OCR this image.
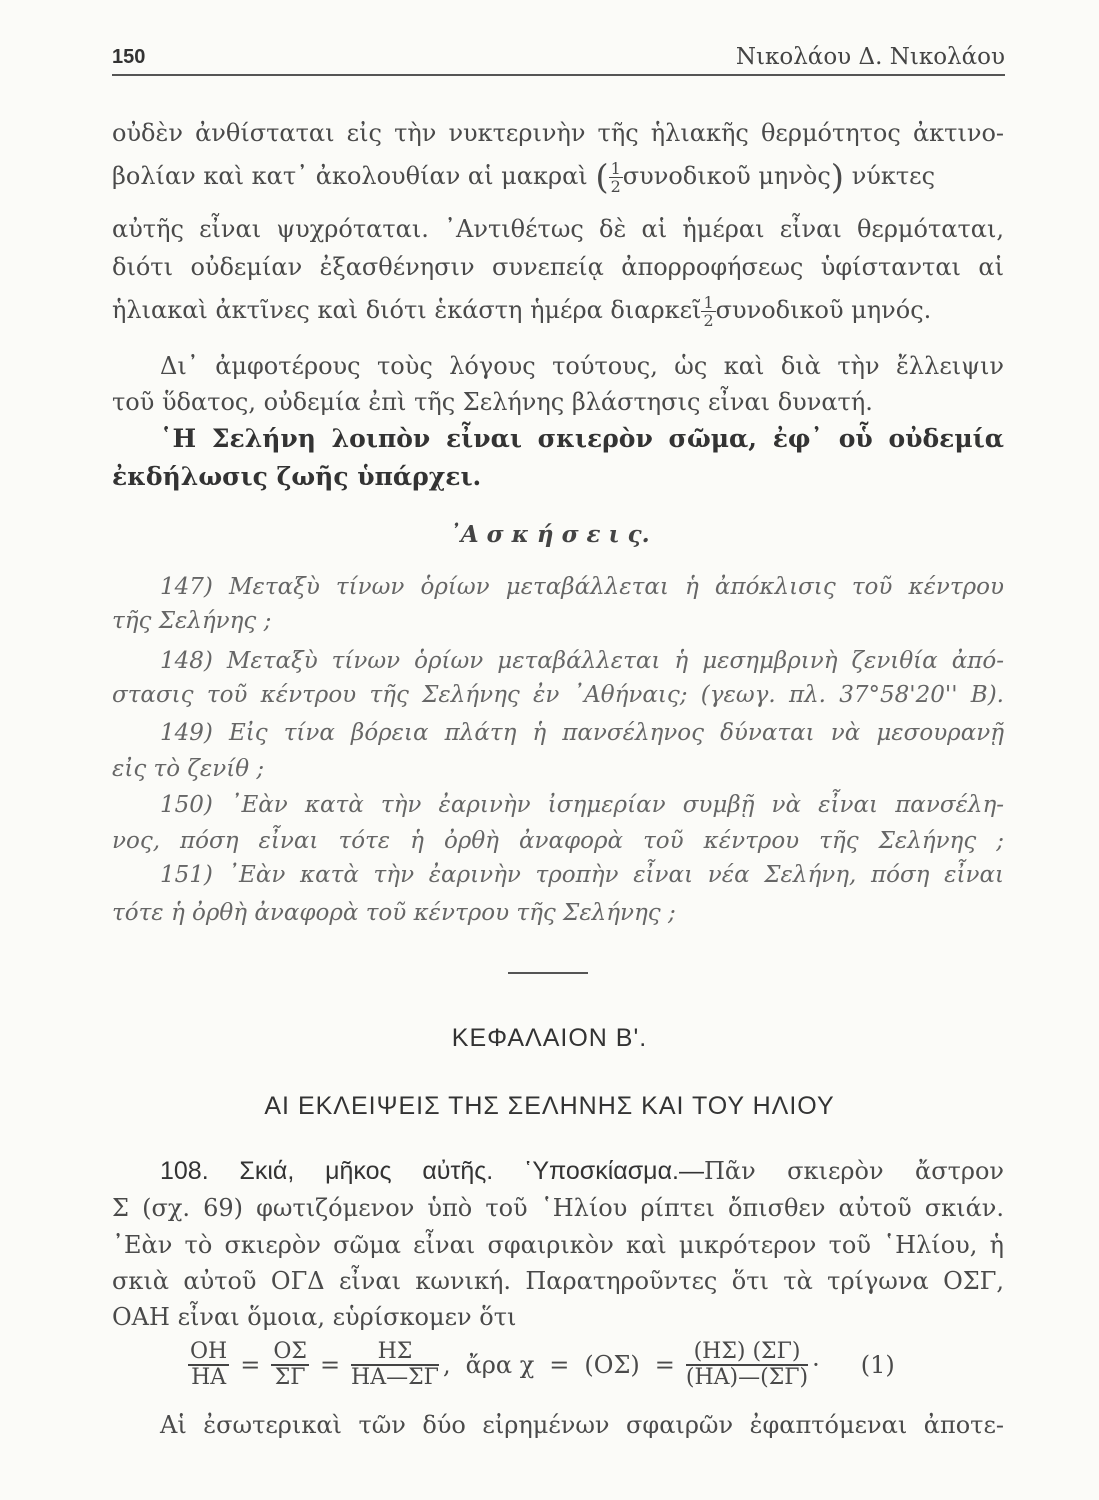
150	Νικολάου Δ. Νικολάου
οὐδὲν ἀνθίσταται εἰς τὴν νυκτερινὴν τῆς ἡλιακῆς θερμότητος ἀκτινο-
βολίαν καὶ κατ᾽ ἀκολουθίαν αἱ μακραὶ ( $\frac{1}{2}$ συνοδικοῦ μηνὸς) νύκτες
αὐτῆς εἶναι ψυχρόταται. ᾿Αντιθέτως δὲ αἱ ἡμέραι εἶναι θερμόταται,
διότι οὐδεμίαν ἐξασθένησιν συνεπείᾳ ἀπορροφήσεως ὑφίστανται αἱ
ἡλιακαὶ ἀκτῖνες καὶ διότι ἑκάστη ἡμέρα διαρκεῖ $\frac{1}{2}$ συνοδικοῦ μηνός.
Δι᾽ ἀμφοτέρους τοὺς λόγους τούτους, ὡς καὶ διὰ τὴν ἔλλειψιν
τοῦ ὕδατος, οὐδεμία ἐπὶ τῆς Σελήνης βλάστησις εἶναι δυνατή.
῾Η Σελήνη λοιπὸν εἶναι σκιερὸν σῶμα, ἐφ᾽ οὗ οὐδεμία
ἐκδήλωσις ζωῆς ὑπάρχει.
᾿Α σ κ ή σ ε ι ς.
147) Μεταξὺ τίνων ὁρίων μεταβάλλεται ἡ ἀπόκλισις τοῦ κέντρου
τῆς Σελήνης ;
148) Μεταξὺ τίνων ὁρίων μεταβάλλεται ἡ μεσημβρινὴ ζενιθία ἀπό-
στασις τοῦ κέντρου τῆς Σελήνης ἐν ᾿Αθήναις; (γεωγ. πλ. 37°58'20'' Β).
149) Εἰς τίνα βόρεια πλάτη ἡ πανσέληνος δύναται νὰ μεσουρανῇ
εἰς τὸ ζενίθ ;
150) ᾿Εὰν κατὰ τὴν ἐαρινὴν ἰσημερίαν συμβῇ νὰ εἶναι πανσέλη-
νος, πόση εἶναι τότε ἡ ὀρθὴ ἀναφορὰ τοῦ κέντρου τῆς Σελήνης ;
151) ᾿Εὰν κατὰ τὴν ἐαρινὴν τροπὴν εἶναι νέα Σελήνη, πόση εἶναι
τότε ἡ ὀρθὴ ἀναφορὰ τοῦ κέντρου τῆς Σελήνης ;
ΚΕΦΑΛΑΙΟΝ Β'.
ΑΙ ΕΚΛΕΙΨΕΙΣ ΤΗΣ ΣΕΛΗΝΗΣ ΚΑΙ ΤΟΥ ΗΛΙΟΥ
108. Σκιά, μῆκος αὐτῆς. ῾Υποσκίασμα.—Πᾶν σκιερὸν ἄστρον
Σ (σχ. 69) φωτιζόμενον ὑπὸ τοῦ ῾Ηλίου ρίπτει ὄπισθεν αὐτοῦ σκιάν.
᾿Εὰν τὸ σκιερὸν σῶμα εἶναι σφαιρικὸν καὶ μικρότερον τοῦ ῾Ηλίου, ἡ
σκιὰ αὐτοῦ ΟΓΔ εἶναι κωνική. Παρατηροῦντες ὅτι τὰ τρίγωνα ΟΣΓ,
ΟΑΗ εἶναι ὅμοια, εὑρίσκομεν ὅτι
$\frac{OH}{HA} = \frac{O\Sigma}{\Sigma\Gamma} = \frac{H\Sigma}{HA—\Sigma\Gamma}$ , ἄρα $\chi = (O\Sigma) = \frac{(H\Sigma) (\Sigma\Gamma)}{(HA)—(\Sigma\Gamma)} \cdot (1)$
Αἱ ἐσωτερικαὶ τῶν δύο εἰρημένων σφαιρῶν ἐφαπτόμεναι ἀποτε-
